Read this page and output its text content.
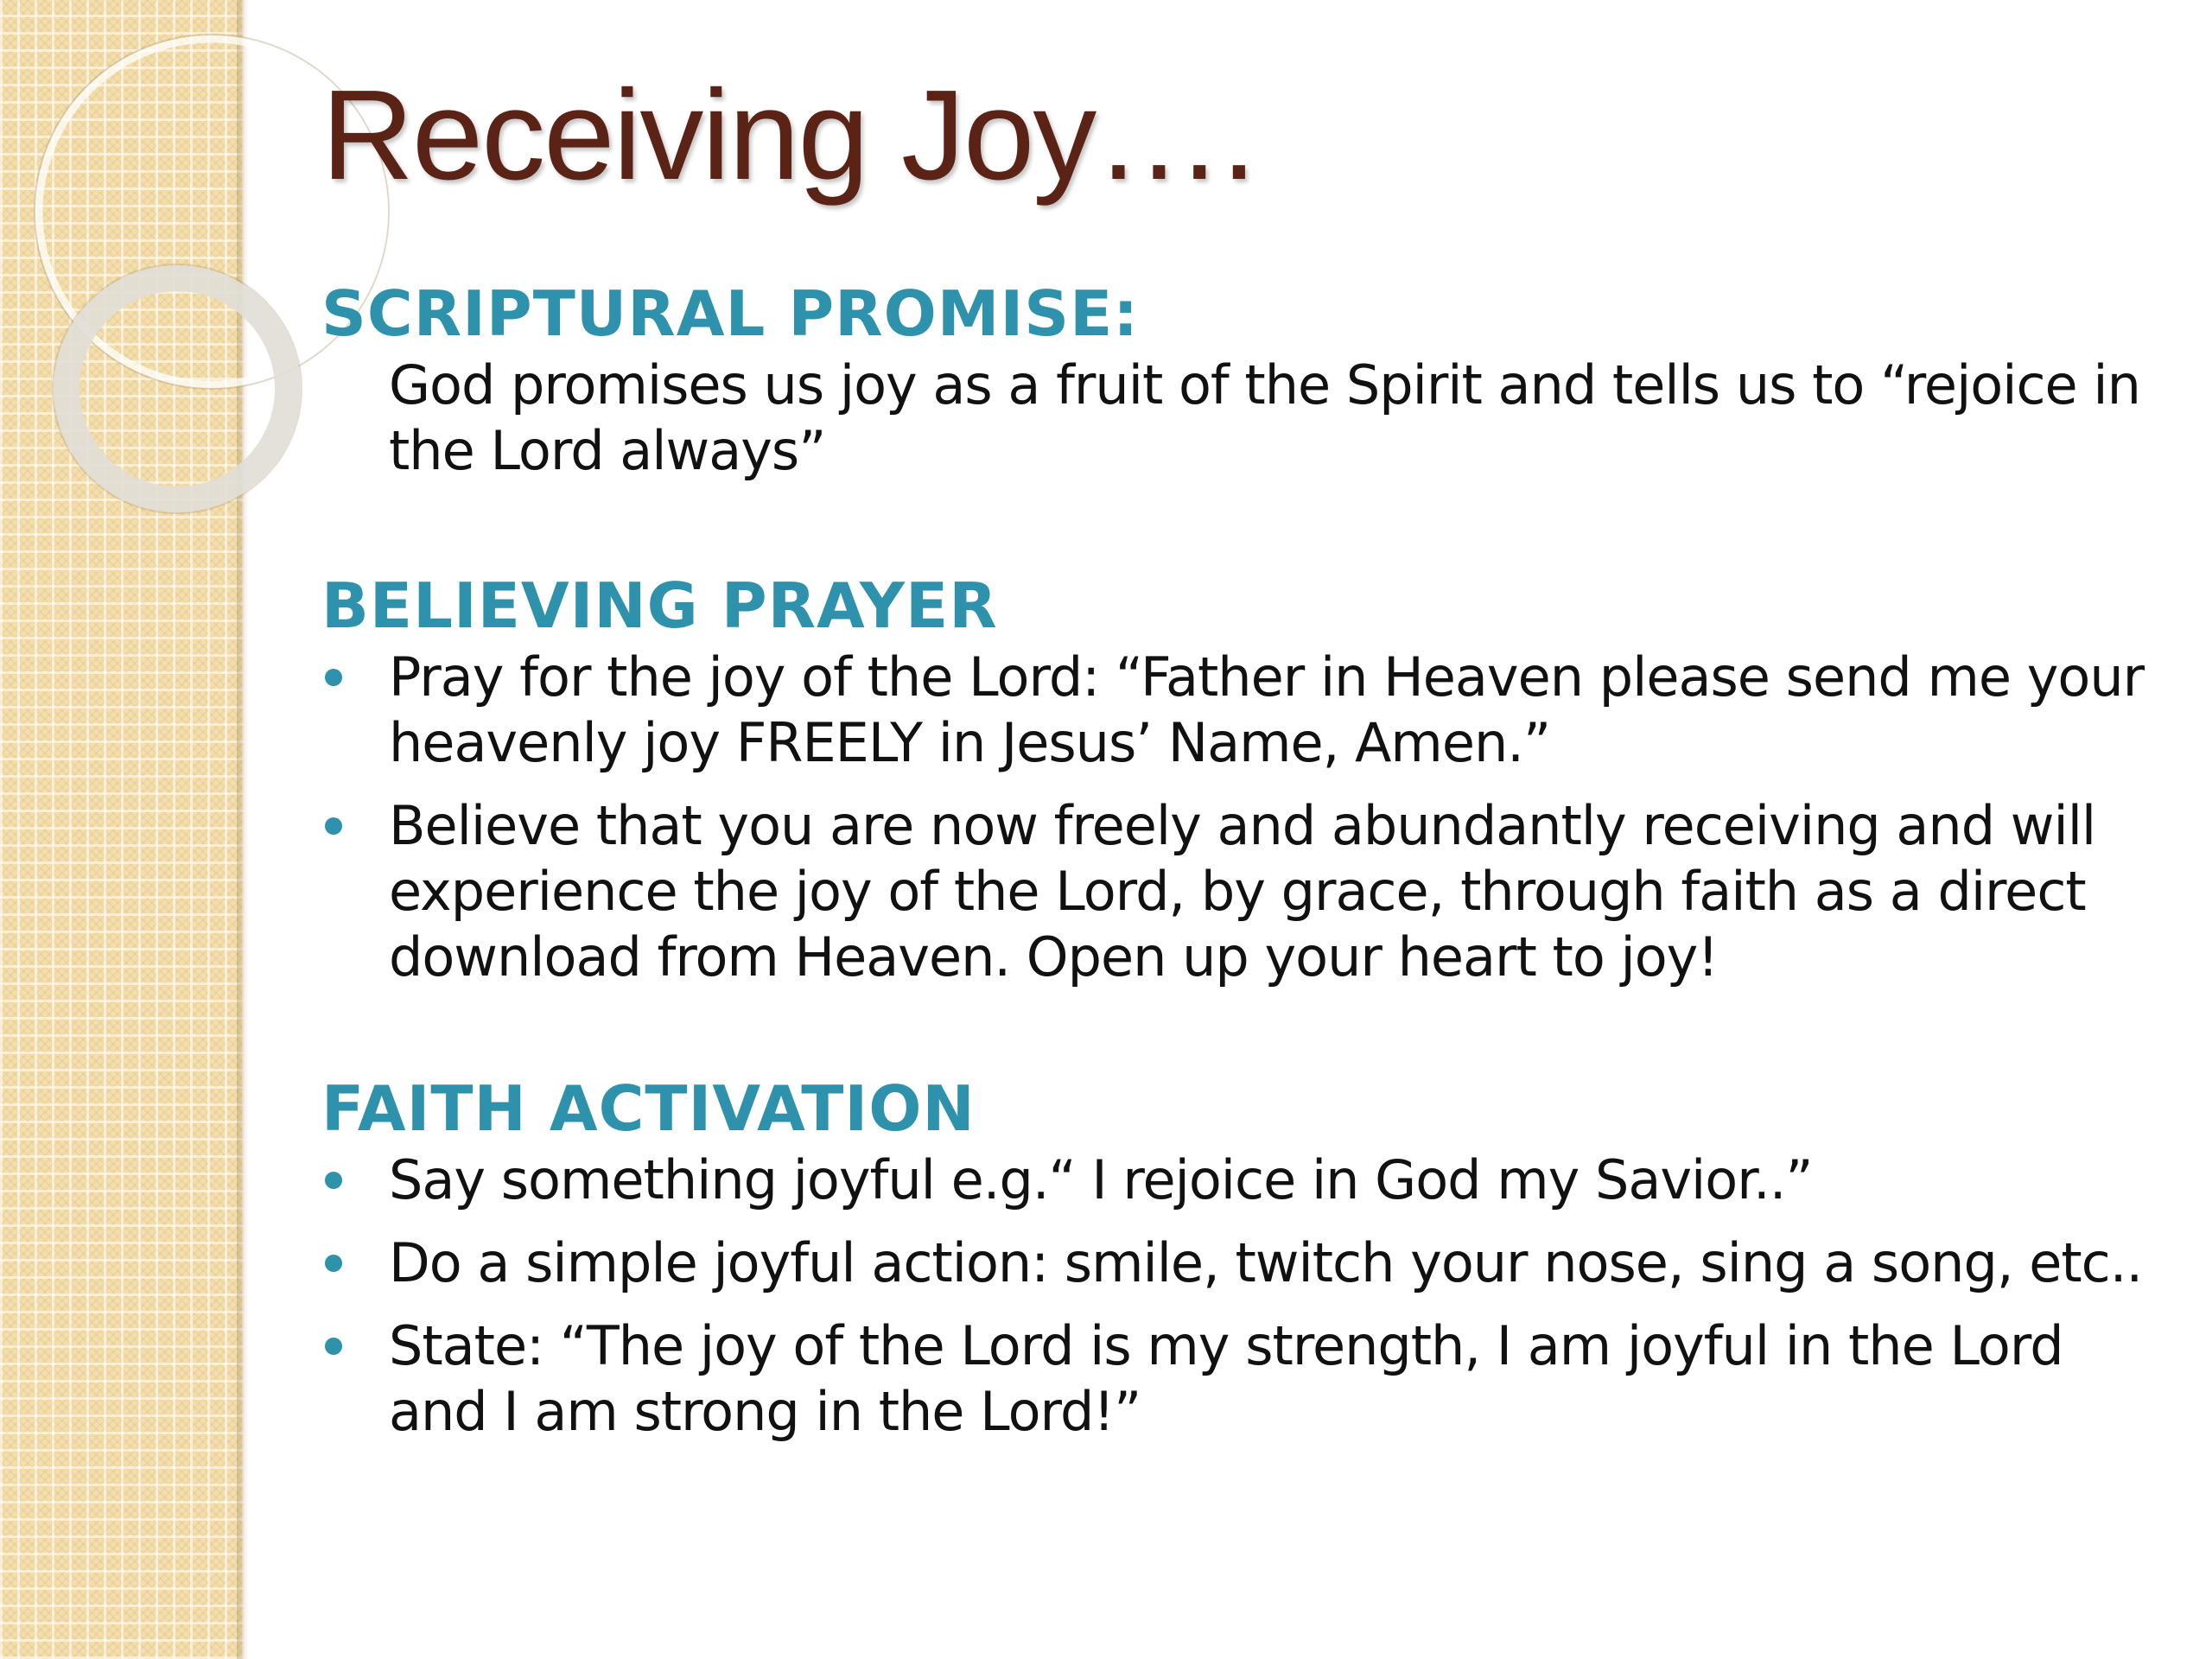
Receiving Joy….
SCRIPTURAL PROMISE:

God promises us joy as a fruit of the Spirit and tells us to “rejoice in the Lord always”

BELIEVING PRAYER
Pray for the joy of the Lord: “Father in Heaven please send me your heavenly joy FREELY in Jesus’ Name, Amen.”
Believe that you are now freely and abundantly receiving and will experience the joy of the Lord, by grace, through faith as a direct download from Heaven. Open up your heart to joy!
FAITH ACTIVATION
Say something joyful e.g.“ I rejoice in God my Savior..”
Do a simple joyful action: smile, twitch your nose, sing a song, etc..
State: “The joy of the Lord is my strength, I am joyful in the Lord and I am strong in the Lord!”
